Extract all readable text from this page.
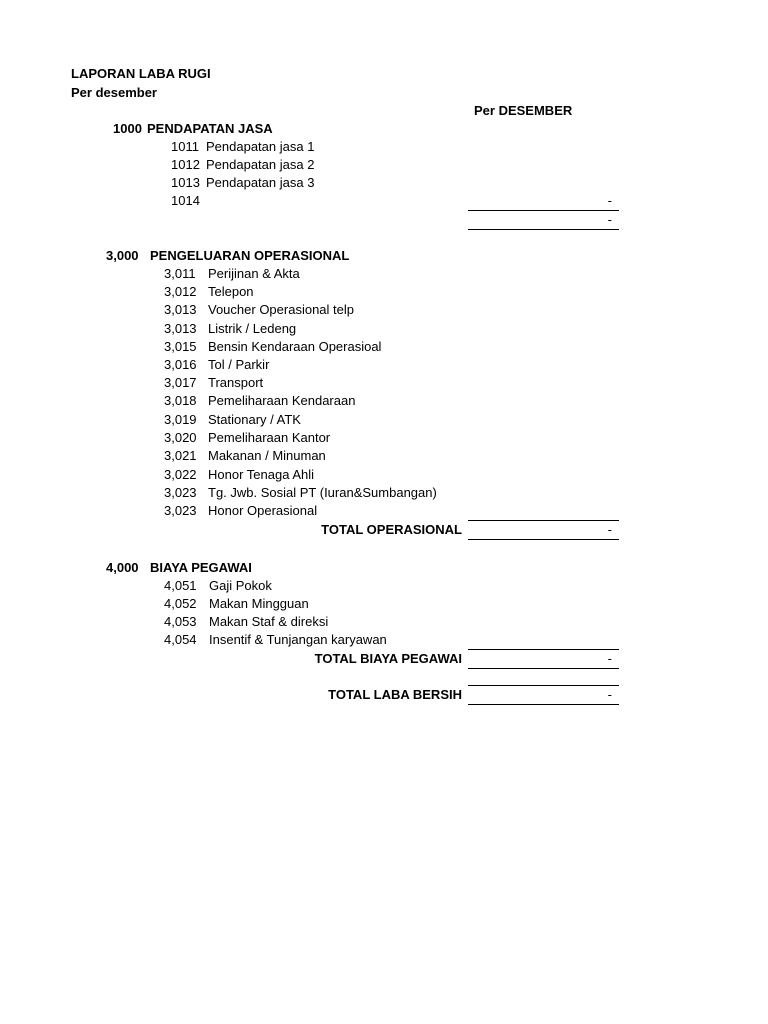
LAPORAN LABA RUGI
Per desember
Per DESEMBER
1000 PENDAPATAN JASA
1011 Pendapatan jasa 1
1012 Pendapatan jasa 2
1013 Pendapatan jasa 3
1014	-
-
3,000 PENGELUARAN OPERASIONAL
3,011 Perijinan & Akta
3,012 Telepon
3,013 Voucher Operasional telp
3,013 Listrik / Ledeng
3,015 Bensin Kendaraan Operasioal
3,016 Tol / Parkir
3,017 Transport
3,018 Pemeliharaan Kendaraan
3,019 Stationary / ATK
3,020 Pemeliharaan Kantor
3,021 Makanan / Minuman
3,022 Honor Tenaga Ahli
3,023 Tg. Jwb. Sosial PT (Iuran&Sumbangan)
3,023 Honor Operasional
TOTAL OPERASIONAL	-
4,000 BIAYA PEGAWAI
4,051 Gaji Pokok
4,052 Makan Mingguan
4,053 Makan Staf & direksi
4,054 Insentif & Tunjangan karyawan
TOTAL BIAYA PEGAWAI	-
TOTAL LABA BERSIH	-
